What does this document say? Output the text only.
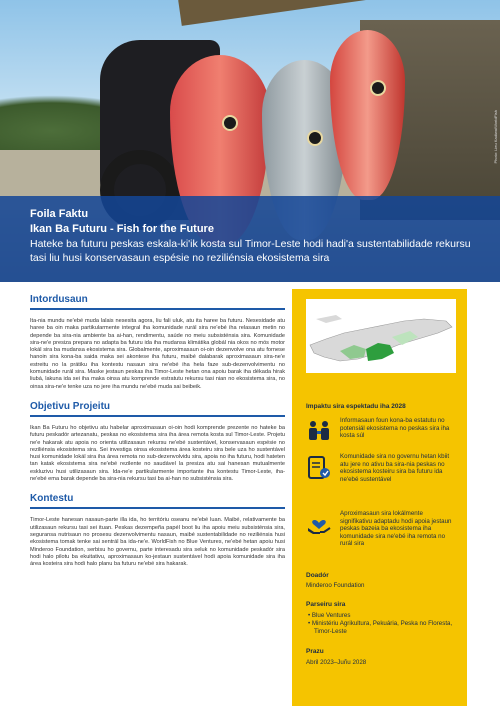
Photo: Lieu Kadiwa/WorldFish
Foila Faktu
Ikan Ba Futuru - Fish for the Future
Hateke ba futuru peskas eskala-ki'ik kosta sul Timor-Leste hodi hadi'a sustentabilidade rekursu tasi liu husi konservasaun espésie no reziliénsia ekosistema sira
Intordusaun

Ita-nia mundu ne'ebé muda lalais nesesita agora, liu fali uluk, atu ita haree ba futuru. Nesesidade atu haree ba oin maka partikularmente integral iha komunidade rurál sira ne'ebé iha relasaun metin no depende ba sira-nia ambiente ba ai-han, rendimentu, saúde no meiu subsisténsia sira. Komunidade sira-ne'e presiza prepara no adapta ba futuru ida iha mudansa klimátika globál nia okos no mós motor lokál sira ba mudansa ekosistema sira. Globalmente, aproximasaun oi-oin dezenvolve ona atu fornese hanoin sira kona-ba saida maka sei akontese iha futuru, maibé dalabarak aproximasaun sira-ne'e estreitu no la prátiku iha kontestu nasaun sira ne'ebé iha hela faze sub-dezenvolvimentu no komunidade rurál sira. Maske jestaun peskas iha Timor-Leste hetan ona apoiu barak iha dékada hirak liubá, lakuna ida sei iha maka oinsa atu komprende estratutu rekursu tasi nian no ekosistema sira, no oinsa sira-ne'e tenke uza no jere iha mundu ne'ebé muda sai beibeik.

Objetivu Projeitu

Ikan Ba Futuru ho objetivu atu habelar aproximasaun oi-oin hodi komprende prezente no hateke ba futuru peskadór artezanatu, peskas no ekosistema sira iha área remota kosta sul Timor-Leste. Projetu ne'e hakarak atu apoia no orienta utilizasaun rekursu ne'ebé sustentável, konservasaun espésie no reziliénsia ekosistema sira. Sei investiga oinsa ekosistema área kosteiru sira bele uza ho sustentável husi komunidade lokál sira iha área remota no sub-dezenvolvidu sira, apoia no iha futuru, hodi hateten tan katak ekosistema sira ne'ebé rezilente no saudável la presiza atu sai hanesan mutualmente eskluzivu husi utilizasaun sira. Ida-ne'e partikularmente importante iha kontestu Timor-Leste, iha-ne'ebé ema barak depende ba sira-nia rekursu tasi ba ai-han no subsisténsia sira.

Kontestu

Timor-Leste hanesan nasaun-parte illa ida, ho territóriu oseanu ne'ebé luan. Maibé, relativamente ba utilizasaun rekursu tasi sei ituan. Peskas dezempeña papél boot liu iha apoiu meiu subsisténsia sira, seguransa nutrisaun no prosesu dezenvolvimentu nasaun, maibé sustentabilidade no reziliénsia husi ekosistema tomak tenke sai sentrál ba ida-ne'e. WorldFish no Blue Ventures, ne'ebé hetan apoiu husi Minderoo Foundation, serbisu ho governu, parte interesadu sira seluk no komunidade peskadór sira hodi halo pilotu ba ekuitativu, aproximasaun ko-jestaun sustentável hodi apoia komunidade sira iha área kosteira sira hodi halo planu ba futuru ne'ebé sira hakarak.

Impaktu sira espektadu iha 2028
Informasaun foun kona-ba estatutu no potensiál ekosistema no peskas sira iha kosta súl
Komunidade sira no governu hetan kbiit atu jere no ativu ba sira-nia peskas no ekosistema kosteiru sira ba futuru ida ne'ebé sustentável
Aproximasaun sira lokálmente signifikativu adaptadu hodi apoia jestaun peskas bazeia ba ekosistema iha komunidade sira ne'ebé iha remota no rurál sira
Doadór
Minderoo Foundation
Parseiru sira
• Blue Ventures
• Ministériu Agrikultura, Pekuária, Peska no Floresta, Timor-Leste
Prazu
Abril 2023–Juñu 2028
